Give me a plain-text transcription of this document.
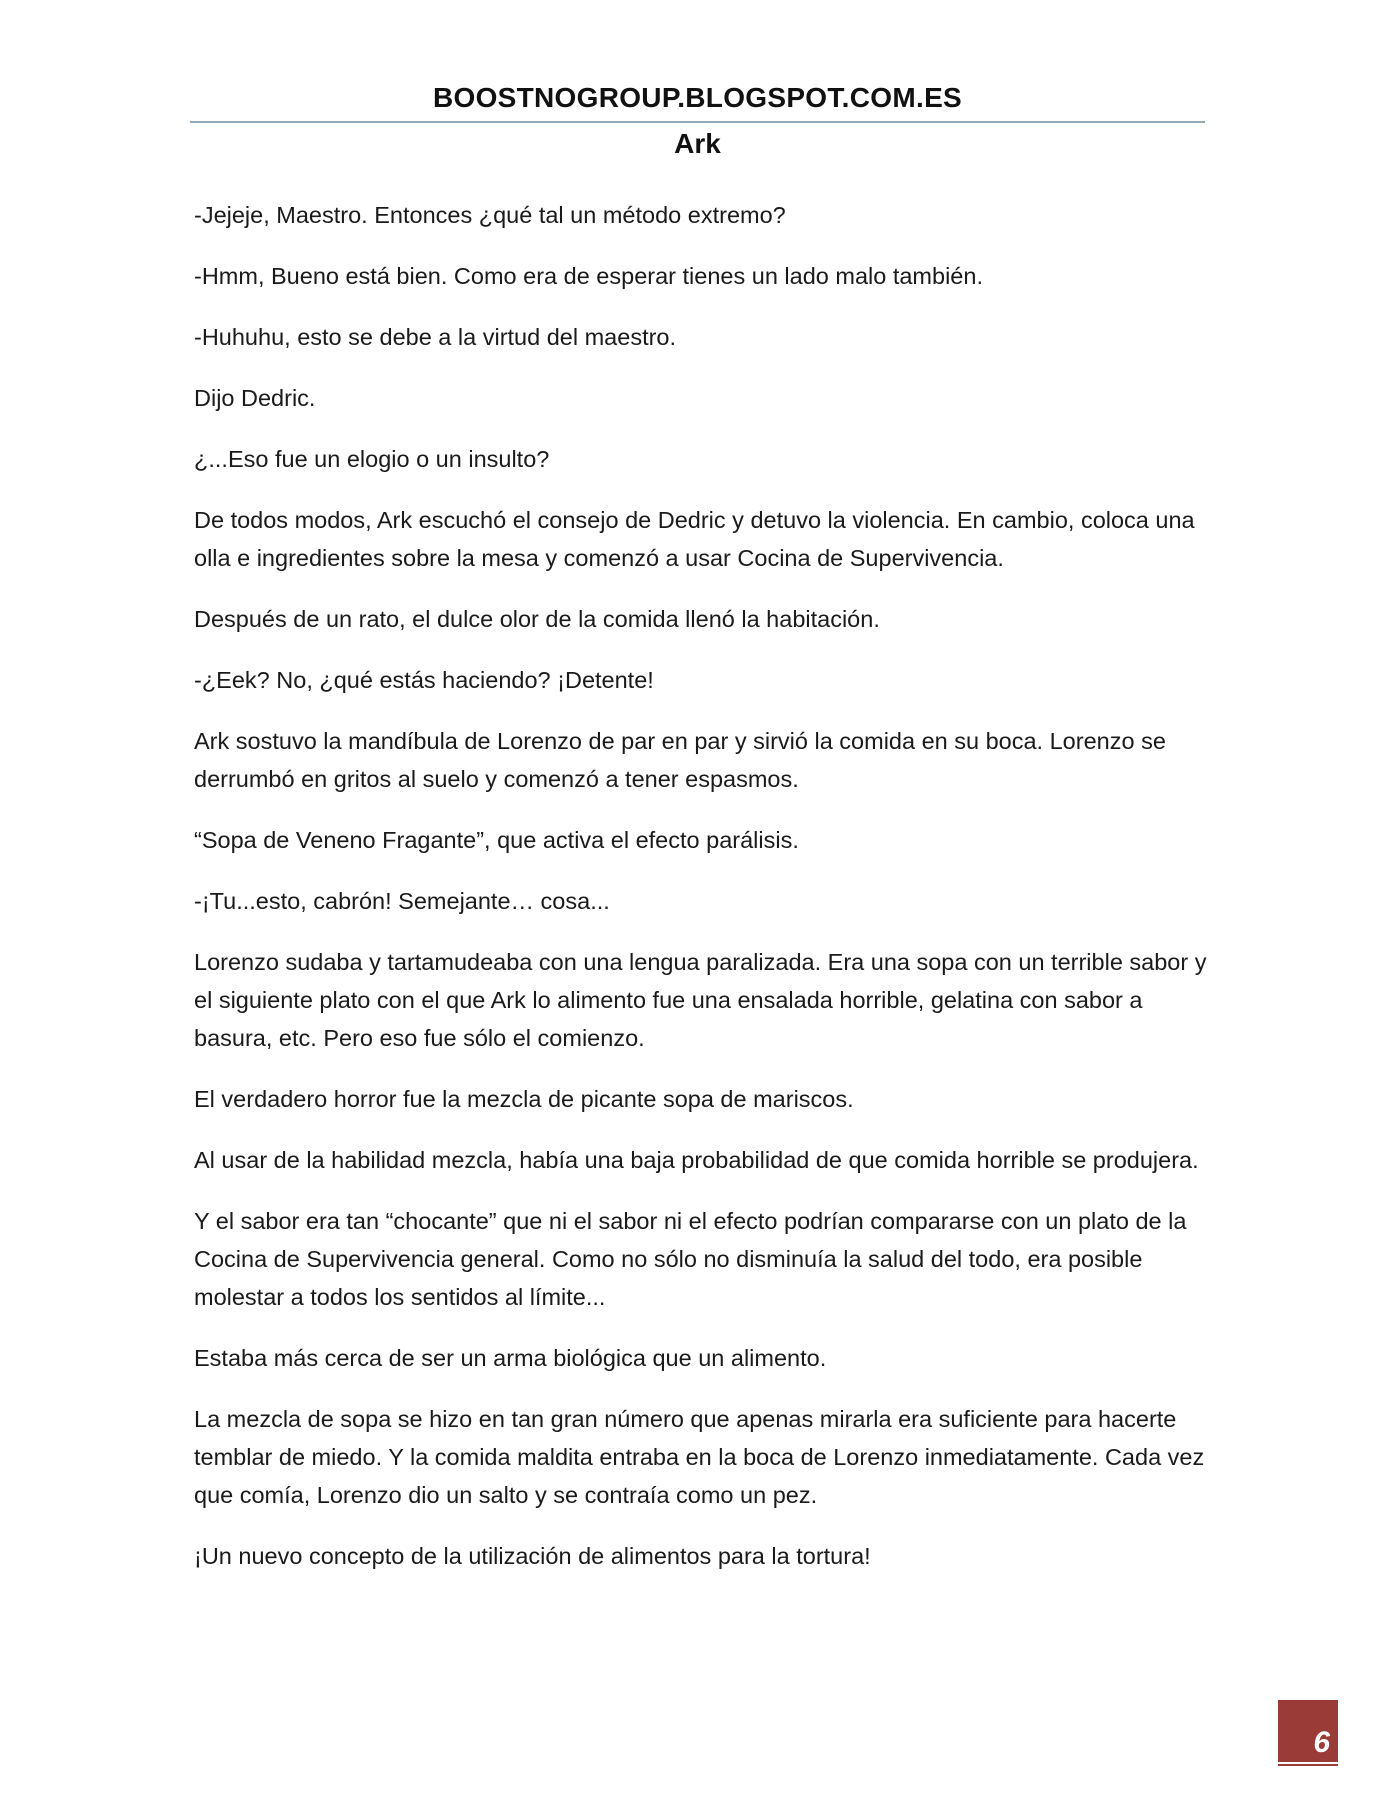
BOOSTNOGROUP.BLOGSPOT.COM.ES
Ark

-Jejeje, Maestro. Entonces ¿qué tal un método extremo?

-Hmm, Bueno está bien. Como era de esperar tienes un lado malo también.

-Huhuhu, esto se debe a la virtud del maestro.

Dijo Dedric.

¿...Eso fue un elogio o un insulto?

De todos modos, Ark escuchó el consejo de Dedric y detuvo la violencia. En cambio, coloca una olla e ingredientes sobre la mesa y comenzó a usar Cocina de Supervivencia.

Después de un rato, el dulce olor de la comida llenó la habitación.

-¿Eek? No, ¿qué estás haciendo? ¡Detente!

Ark sostuvo la mandíbula de Lorenzo de par en par y sirvió la comida en su boca. Lorenzo se derrumbó en gritos al suelo y comenzó a tener espasmos.

“Sopa de Veneno Fragante”, que activa el efecto parálisis.

-¡Tu...esto, cabrón! Semejante… cosa...

Lorenzo sudaba y tartamudeaba con una lengua paralizada. Era una sopa con un terrible sabor y el siguiente plato con el que Ark lo alimento fue una ensalada horrible, gelatina con sabor a basura, etc. Pero eso fue sólo el comienzo.

El verdadero horror fue la mezcla de picante sopa de mariscos.

Al usar de la habilidad mezcla, había una baja probabilidad de que comida horrible se produjera.

Y el sabor era tan “chocante” que ni el sabor ni el efecto podrían compararse con un plato de la Cocina de Supervivencia general. Como no sólo no disminuía la salud del todo, era posible molestar a todos los sentidos al límite...

Estaba más cerca de ser un arma biológica que un alimento.

La mezcla de sopa se hizo en tan gran número que apenas mirarla era suficiente para hacerte temblar de miedo. Y la comida maldita entraba en la boca de Lorenzo inmediatamente. Cada vez que comía, Lorenzo dio un salto y se contraía como un pez.

¡Un nuevo concepto de la utilización de alimentos para la tortura!

6
